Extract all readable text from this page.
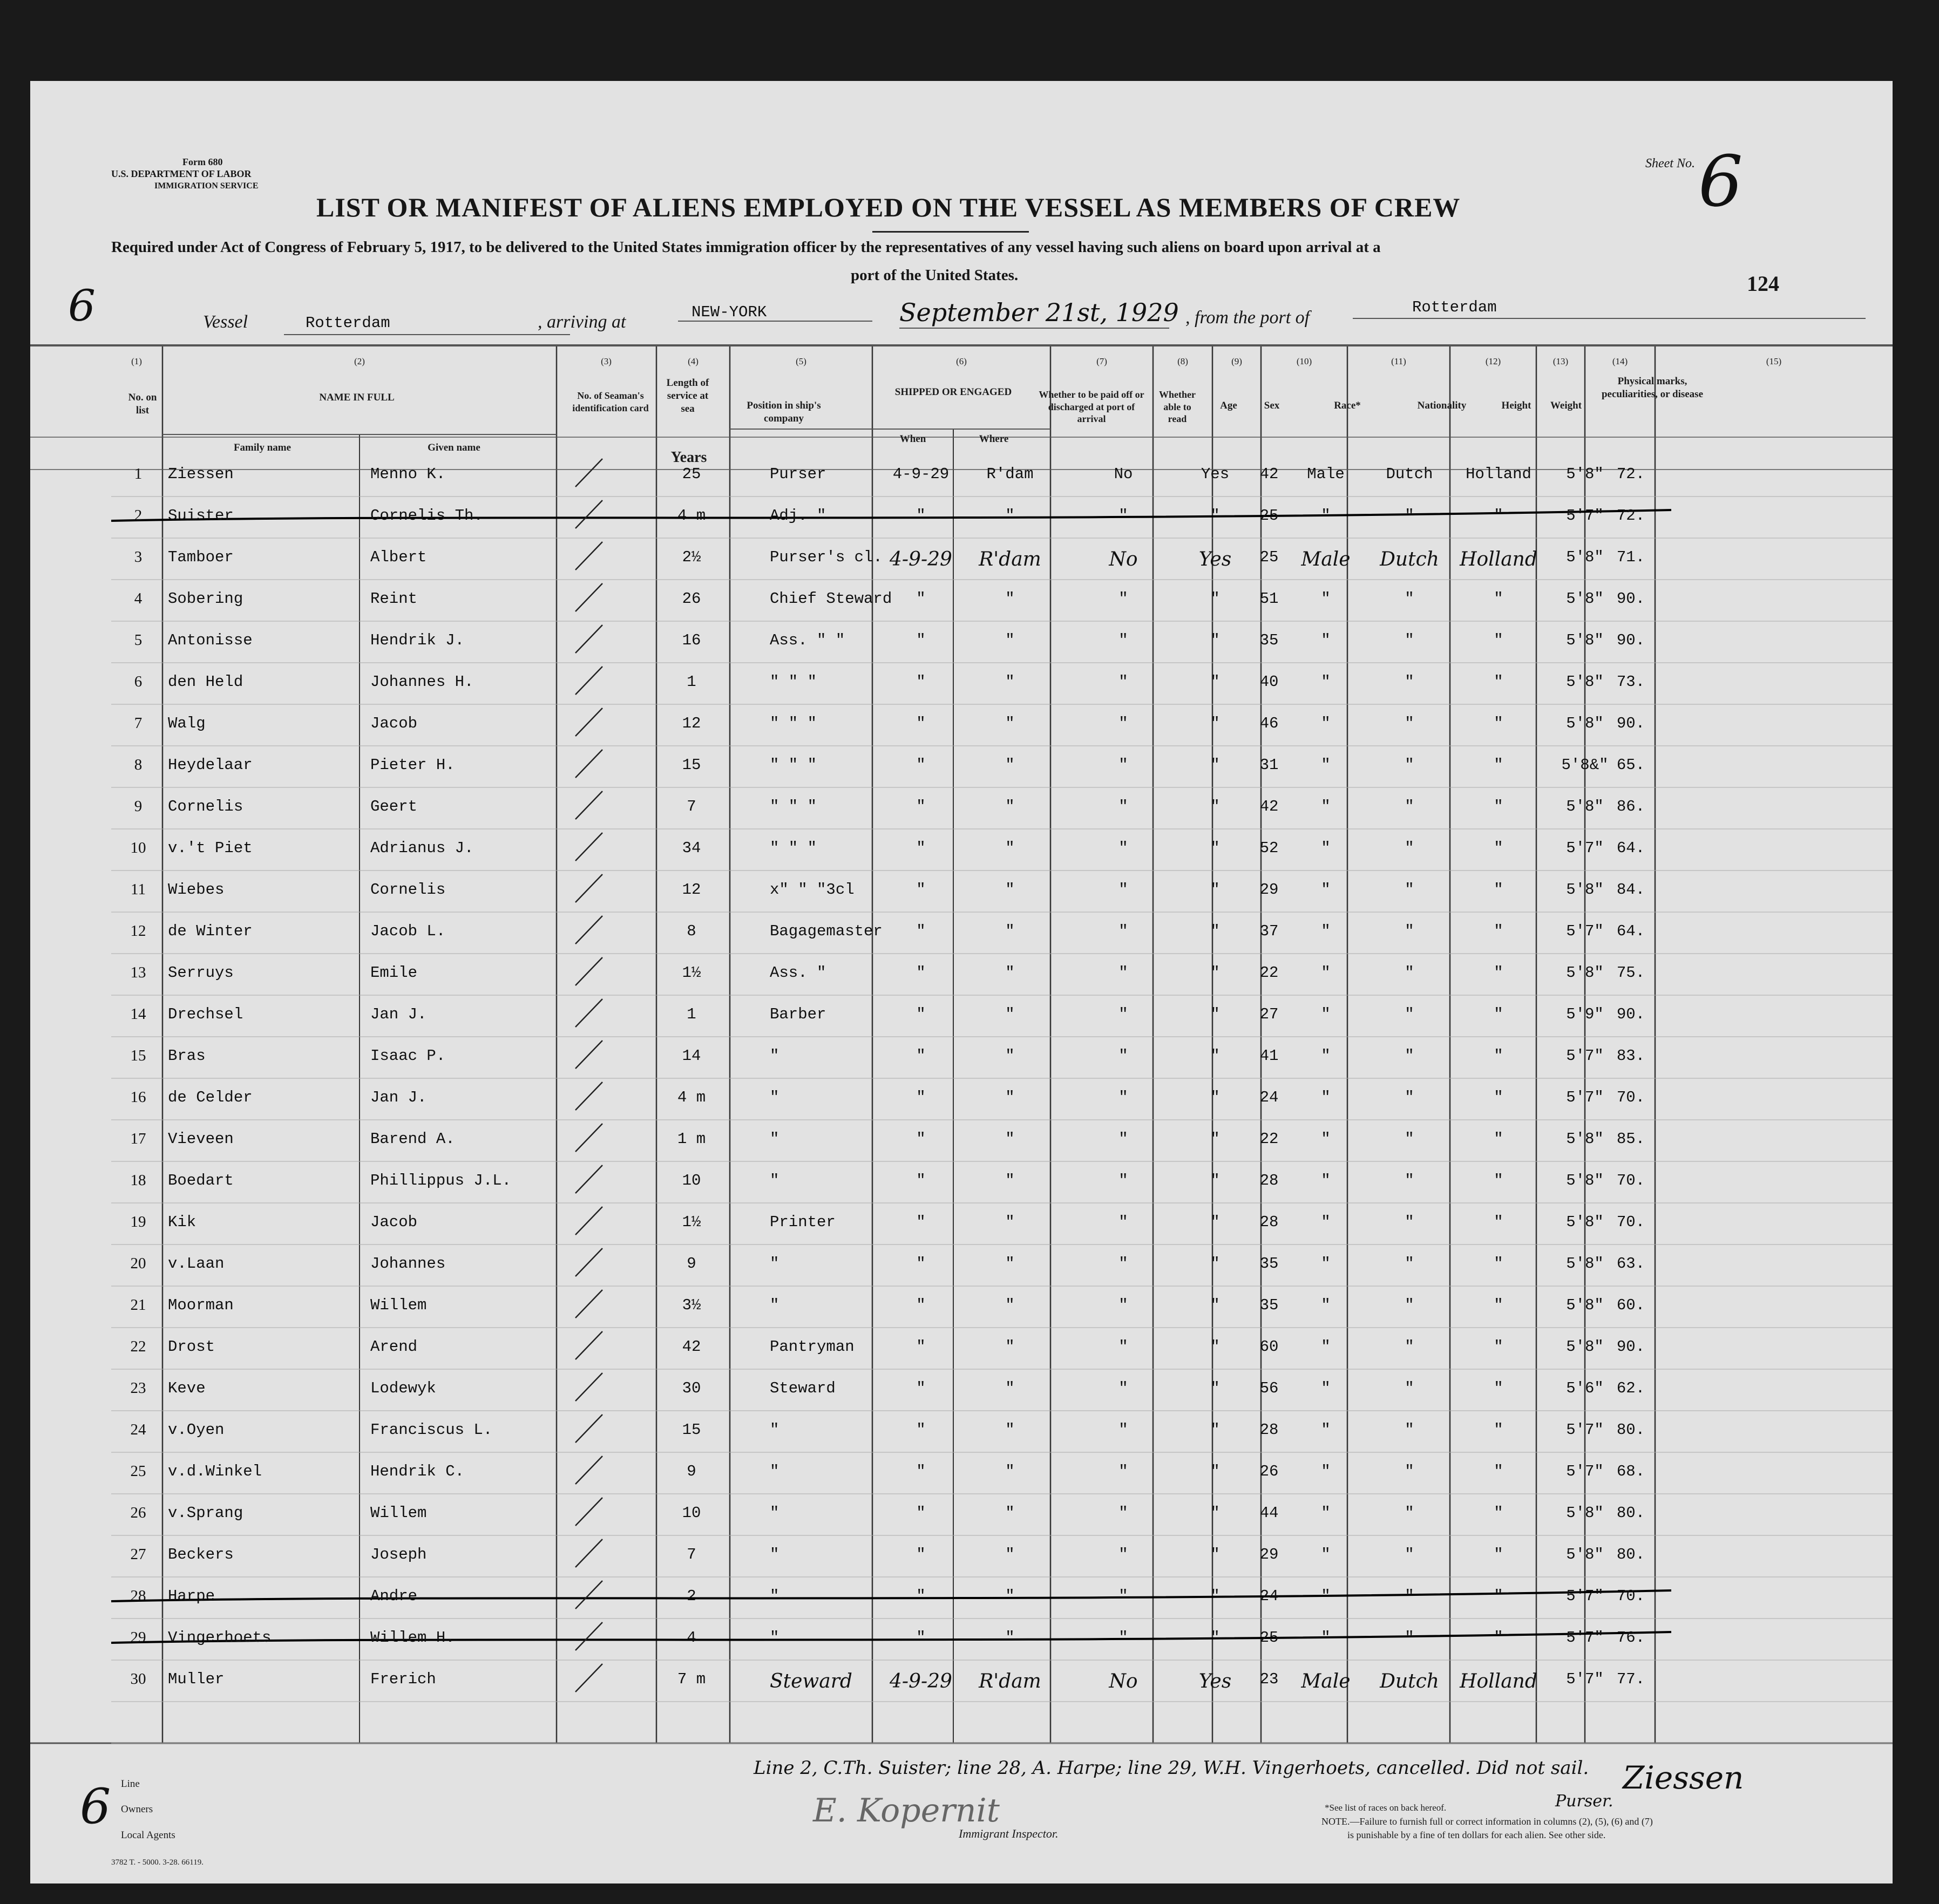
Form 680
U.S. DEPARTMENT OF LABOR
IMMIGRATION SERVICE
Sheet No. 6
LIST OR MANIFEST OF ALIENS EMPLOYED ON THE VESSEL AS MEMBERS OF CREW
Required under Act of Congress of February 5, 1917, to be delivered to the United States immigration officer by the representatives of any vessel having such aliens on board upon arrival at a
port of the United States.	124
6	Vessel	Rotterdam	, arriving at	NEW-YORK	September 21st, 1929 , from the port of
Rotterdam
(1)	(2)	(3)	(4)	(5)	(6)	(7)	(8)	(9)	(10)	(11)	(12)	(13)	(14)	(15)
No. on list
NAME IN FULL
Family name	Given name
No. of Seaman's identification card
Length of service at sea
Years
Position in ship's company
SHIPPED OR ENGAGED
When	Where
Whether to be paid off or discharged at port of arrival
Whether able to read
Age	Sex	Race*	Nationality	Height	Weight
Physical marks, peculiarities, or disease
1	Ziessen	Menno K.	25	Purser	4-9-29	R'dam	No	Yes	42	Male	Dutch	Holland	5'8" 72.
2	Suister	Cornelis Th.	4 m	Adj. "	"	"	"	"	25	"	"	"	5'7" 72.
3	Tamboer	Albert	2½	Purser's cl. 4-9-29	R'dam	No	Yes	25	Male	Dutch	Holland	5'8" 71.
4	Sobering	Reint	26	Chief Steward	"	"	"	"	51	"	"	"	5'8" 90.
5	Antonisse	Hendrik J.	16	Ass. " "	"	"	"	"	35	"	"	"	5'8" 90.
6	den Held	Johannes H.	1	" " "	"	"	"	"	40	"	"	"	5'8" 73.
7	Walg	Jacob	12	" " "	"	"	"	"	46	"	"	"	5'8" 90.
8	Heydelaar	Pieter H.	15	" " "	"	"	"	"	31	"	"	"	5'8&" 65.
9	Cornelis	Geert	7	" " "	"	"	"	"	42	"	"	"	5'8" 86.
10	v.'t Piet	Adrianus J.	34	" " "	"	"	"	"	52	"	"	"	5'7" 64.
11	Wiebes	Cornelis	12	x" " "3cl	"	"	"	"	29	"	"	"	5'8" 84.
12	de Winter	Jacob L.	8	Bagagemaster	"	"	"	"	37	"	"	"	5'7" 64.
13	Serruys	Emile	1½	Ass. "	"	"	"	"	22	"	"	"	5'8" 75.
14	Drechsel	Jan J.	1	Barber	"	"	"	"	27	"	"	"	5'9" 90.
15	Bras	Isaac P.	14	"	"	"	"	"	41	"	"	"	5'7" 83.
16	de Celder	Jan J.	4 m	"	"	"	"	"	24	"	"	"	5'7" 70.
17	Vieveen	Barend A.	1 m	"	"	"	"	"	22	"	"	"	5'8" 85.
18	Boedart	Phillippus J.L.	10	"	"	"	"	"	28	"	"	"	5'8" 70.
19	Kik	Jacob	1½	Printer	"	"	"	"	28	"	"	"	5'8" 70.
20	v.Laan	Johannes	9	"	"	"	"	"	35	"	"	"	5'8" 63.
21	Moorman	Willem	3½	"	"	"	"	"	35	"	"	"	5'8" 60.
22	Drost	Arend	42	Pantryman	"	"	"	"	60	"	"	"	5'8" 90.
23	Keve	Lodewyk	30	Steward	"	"	"	"	56	"	"	"	5'6" 62.
24	v.Oyen	Franciscus L.	15	"	"	"	"	"	28	"	"	"	5'7" 80.
25	v.d.Winkel	Hendrik C.	9	"	"	"	"	"	26	"	"	"	5'7" 68.
26	v.Sprang	Willem	10	"	"	"	"	"	44	"	"	"	5'8" 80.
27	Beckers	Joseph	7	"	"	"	"	"	29	"	"	"	5'8" 80.
28	Harpe	Andre	2	"	"	"	"	"	24	"	"	"	5'7" 70.
29	Vingerhoets	Willem H.	4	"	"	"	"	"	25	"	"	"	5'7" 76.
30	Muller	Frerich	7 m	Steward	4-9-29	R'dam	No	Yes	23	Male	Dutch	Holland	5'7" 77.
Line 2, C.Th. Suister; line 28, A. Harpe; line 29, W.H. Vingerhoets, cancelled. Did not sail.
6 Line
Owners
Local Agents
E. Kopernit
Immigrant Inspector.
Ziessen
Purser.
*See list of races on back hereof.
NOTE.—Failure to furnish full or correct information in columns (2), (5), (6) and (7)
is punishable by a fine of ten dollars for each alien. See other side.
3782 T. - 5000. 3-28. 66119.
